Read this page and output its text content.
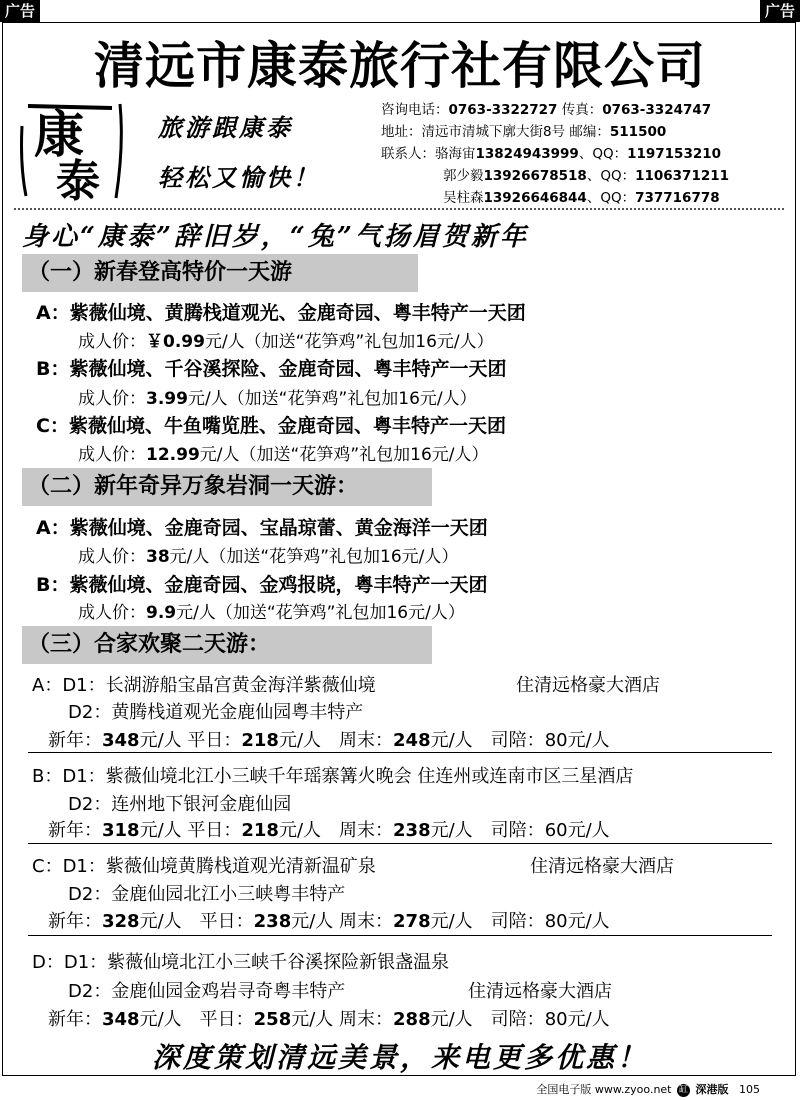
广告	广告
清远市康泰旅行社有限公司
康
泰
旅游跟康泰
轻松又愉快！
咨询电话：0763-3322727 传真：0763-3324747
地址：清远市清城下廓大街8号 邮编：511500
联系人：骆海宙13824943999、QQ：1197153210
郭少毅13926678518、QQ：1106371211
吴柱森13926646844、QQ：737716778
身心“康泰”辞旧岁，“兔”气扬眉贺新年
（一）新春登高特价一天游
A：紫薇仙境、黄腾栈道观光、金鹿奇园、粤丰特产一天团
成人价：￥0.99元/人（加送“花笋鸡”礼包加16元/人）
B：紫薇仙境、千谷溪探险、金鹿奇园、粤丰特产一天团
成人价：3.99元/人（加送“花笋鸡”礼包加16元/人）
C：紫薇仙境、牛鱼嘴览胜、金鹿奇园、粤丰特产一天团
成人价：12.99元/人（加送“花笋鸡”礼包加16元/人）
（二）新年奇异万象岩洞一天游：
A：紫薇仙境、金鹿奇园、宝晶琼蕾、黄金海洋一天团
成人价：38元/人（加送“花笋鸡”礼包加16元/人）
B：紫薇仙境、金鹿奇园、金鸡报晓，粤丰特产一天团
成人价：9.9元/人（加送“花笋鸡”礼包加16元/人）
（三）合家欢聚二天游：
A：D1：长湖游船宝晶宫黄金海洋紫薇仙境	住清远格豪大酒店
D2：黄腾栈道观光金鹿仙园粤丰特产
新年：348元/人 平日：218元/人　周末：248元/人　司陪：80元/人
B：D1：紫薇仙境北江小三峡千年瑶寨篝火晚会 住连州或连南市区三星酒店
D2：连州地下银河金鹿仙园
新年：318元/人 平日：218元/人　周末：238元/人　司陪：60元/人
C：D1：紫薇仙境黄腾栈道观光清新温矿泉	住清远格豪大酒店
D2：金鹿仙园北江小三峡粤丰特产
新年：328元/人　平日：238元/人 周末：278元/人　司陪：80元/人
D：D1：紫薇仙境北江小三峡千谷溪探险新银盏温泉
D2：金鹿仙园金鸡岩寻奇粤丰特产	住清远格豪大酒店
新年：348元/人　平日：258元/人 周末：288元/人　司陪：80元/人
深度策划清远美景，来电更多优惠！
全国电子版 www.zyoo.net 缸 深港版 105
